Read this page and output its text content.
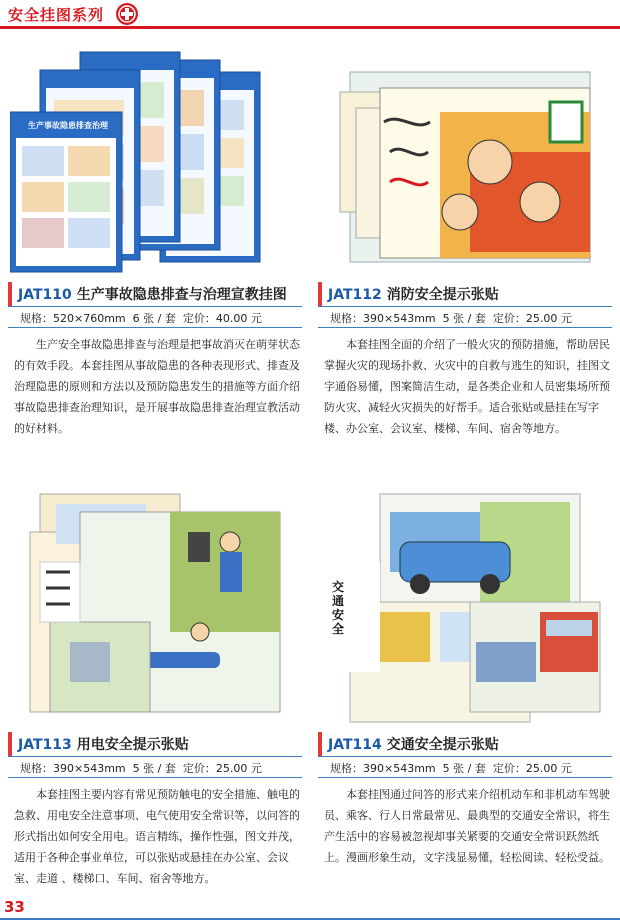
安全挂图系列
生产事故隐患排查治理
JAT110 生产事故隐患排查与治理宣教挂图
规格：520×760mm 6 张 / 套 定价：40.00 元
生产安全事故隐患排查与治理是把事故消灭在萌芽状态的有效手段。本套挂图从事故隐患的各种表现形式、排查及治理隐患的原则和方法以及预防隐患发生的措施等方面介绍事故隐患排查治理知识，是开展事故隐患排查治理宣教活动的好材料。
JAT112 消防安全提示张贴
规格：390×543mm 5 张 / 套 定价：25.00 元
本套挂图全面的介绍了一般火灾的预防措施，帮助居民掌握火灾的现场扑救、火灾中的自救与逃生的知识，挂图文字通俗易懂，图案简洁生动，是各类企业和人员密集场所预防火灾、减轻火灾损失的好帮手。适合张贴或悬挂在写字楼、办公室、会议室、楼梯、车间、宿舍等地方。
JAT113 用电安全提示张贴
规格：390×543mm 5 张 / 套 定价：25.00 元
本套挂图主要内容有常见预防触电的安全措施、触电的急救、用电安全注意事项、电气使用安全常识等，以问答的形式指出如何安全用电。语言精练，操作性强，图文并茂，适用于各种企事业单位，可以张贴或悬挂在办公室、会议室、走道 、楼梯口、车间、宿舍等地方。
交通安全
JAT114 交通安全提示张贴
规格：390×543mm 5 张 / 套 定价：25.00 元
本套挂图通过问答的形式来介绍机动车和非机动车驾驶员、乘客、行人日常最常见、最典型的交通安全常识，将生产生活中的容易被忽视却事关紧要的交通安全常识跃然纸上。漫画形象生动，文字浅显易懂，轻松阅读、轻松受益。
33
